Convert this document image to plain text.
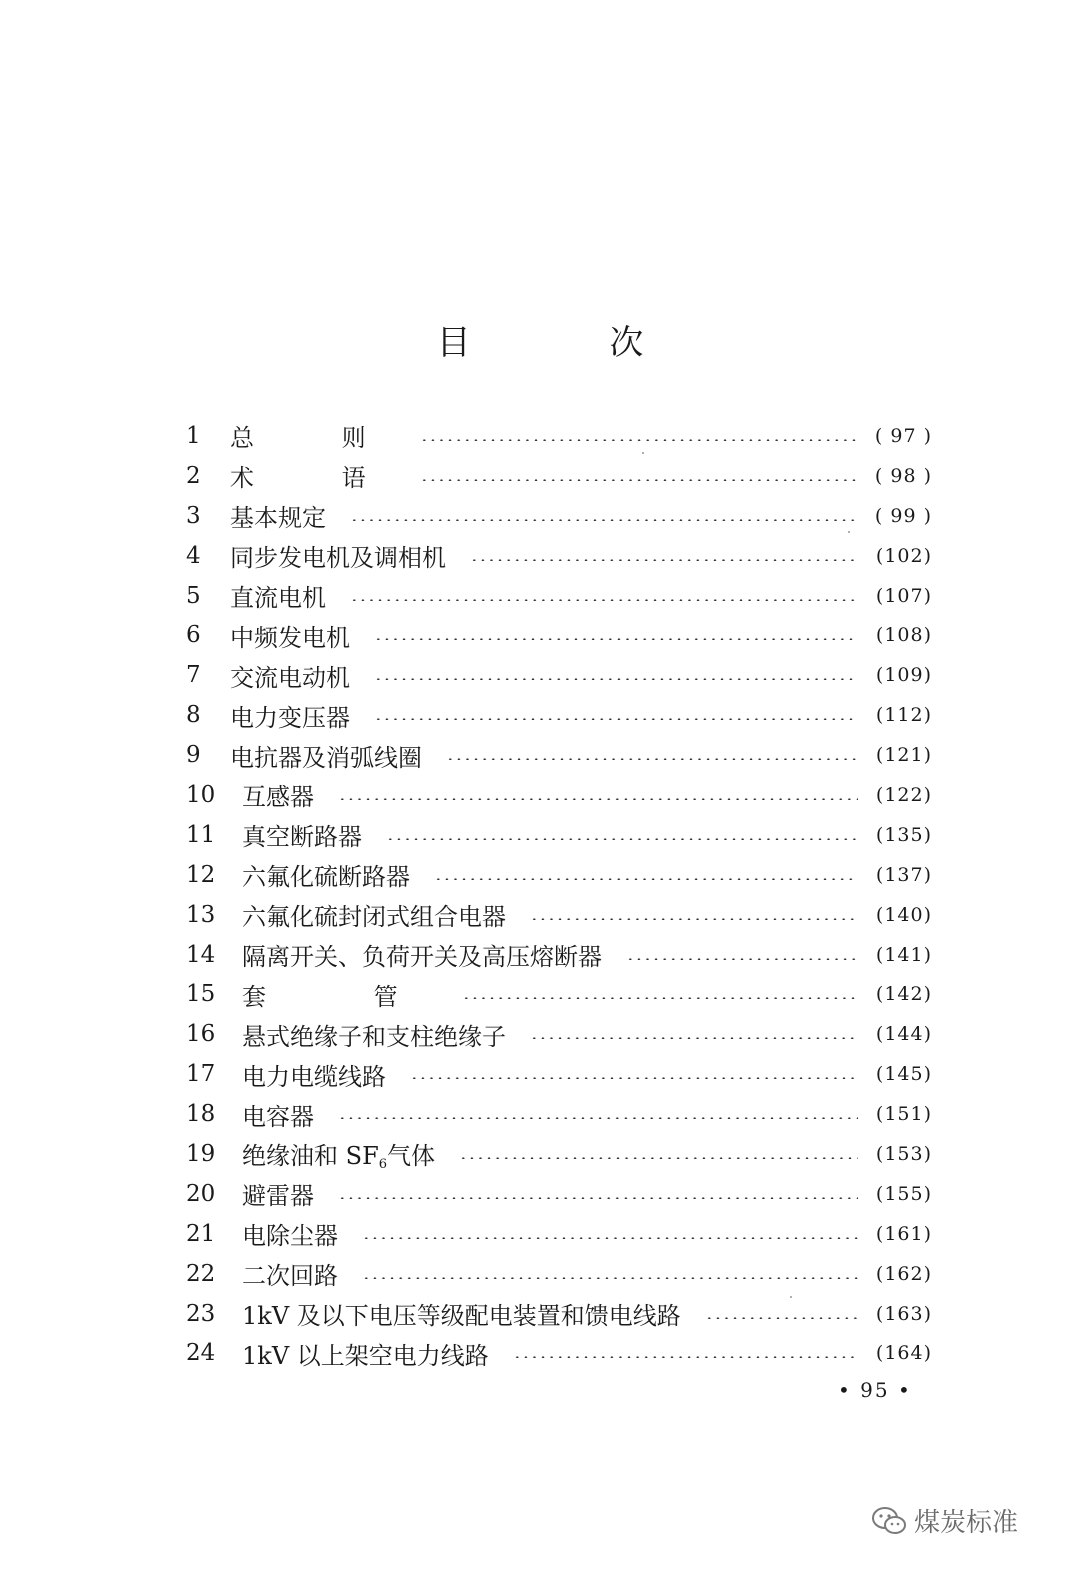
目 次
1	总 则	( 97 )
2	术 语	( 98 )
3	基本规定	( 99 )
4	同步发电机及调相机	(102)
5	直流电机	(107)
6	中频发电机	(108)
7	交流电动机	(109)
8	电力变压器	(112)
9	电抗器及消弧线圈	(121)
10	互感器	(122)
11	真空断路器	(135)
12	六氟化硫断路器	(137)
13	六氟化硫封闭式组合电器	(140)
14	隔离开关、负荷开关及高压熔断器	(141)
15	套 管	(142)
16	悬式绝缘子和支柱绝缘子	(144)
17	电力电缆线路	(145)
18	电容器	(151)
19	绝缘油和 $SF_6$气体	(153)
20	避雷器	(155)
21	电除尘器	(161)
22	二次回路	(162)
23	1kV 及以下电压等级配电装置和馈电线路	(163)
24	1kV 以上架空电力线路	(164)
• 95 •
煤炭标准
